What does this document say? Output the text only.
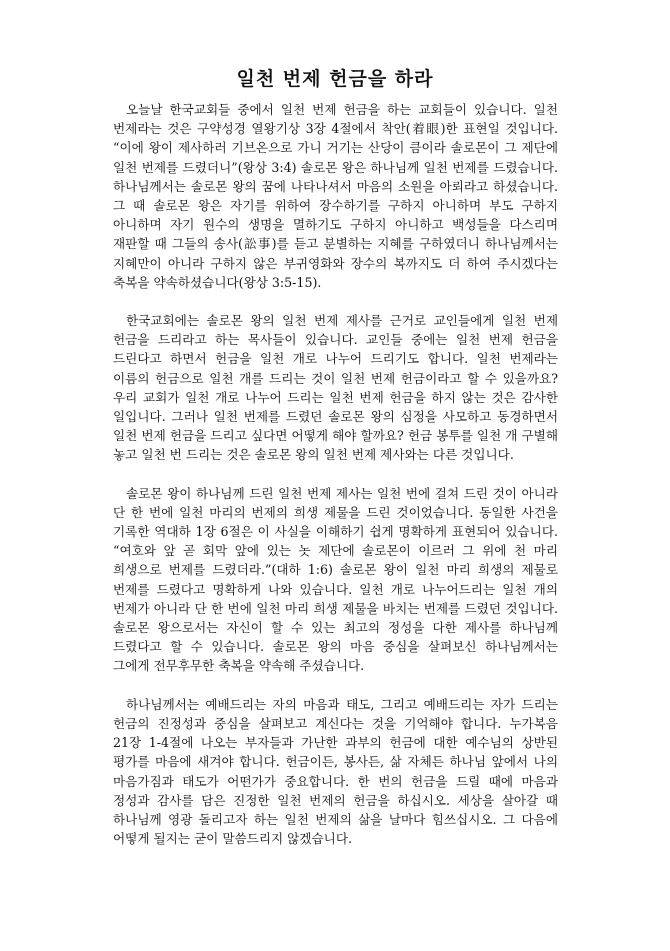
일천 번제 헌금을 하라

오늘날 한국교회들 중에서 일천 번제 헌금을 하는 교회들이 있습니다. 일천 번제라는 것은 구약성경 열왕기상 3장 4절에서 착안(着眼)한 표현일 것입니다. “이에 왕이 제사하러 기브온으로 가니 거기는 산당이 큼이라 솔로몬이 그 제단에 일천 번제를 드렸더니”(왕상 3:4) 솔로몬 왕은 하나님께 일천 번제를 드렸습니다. 하나님께서는 솔로몬 왕의 꿈에 나타나셔서 마음의 소원을 아뢰라고 하셨습니다. 그 때 솔로몬 왕은 자기를 위하여 장수하기를 구하지 아니하며 부도 구하지 아니하며 자기 원수의 생명을 멸하기도 구하지 아니하고 백성들을 다스리며 재판할 때 그들의 송사(訟事)를 듣고 분별하는 지혜를 구하였더니 하나님께서는 지혜만이 아니라 구하지 않은 부귀영화와 장수의 복까지도 더 하여 주시겠다는 축복을 약속하셨습니다(왕상 3:5-15).

한국교회에는 솔로몬 왕의 일천 번제 제사를 근거로 교인들에게 일천 번제 헌금을 드리라고 하는 목사들이 있습니다. 교인들 중에는 일천 번제 헌금을 드린다고 하면서 헌금을 일천 개로 나누어 드리기도 합니다. 일천 번제라는 이름의 헌금으로 일천 개를 드리는 것이 일천 번제 헌금이라고 할 수 있을까요? 우리 교회가 일천 개로 나누어 드리는 일천 번제 헌금을 하지 않는 것은 감사한 일입니다. 그러나 일천 번제를 드렸던 솔로몬 왕의 심정을 사모하고 동경하면서 일천 번제 헌금을 드리고 싶다면 어떻게 해야 할까요? 헌금 봉투를 일천 개 구별해 놓고 일천 번 드리는 것은 솔로몬 왕의 일천 번제 제사와는 다른 것입니다.

솔로몬 왕이 하나님께 드린 일천 번제 제사는 일천 번에 걸쳐 드린 것이 아니라 단 한 번에 일천 마리의 번제의 희생 제물을 드린 것이었습니다. 동일한 사건을 기록한 역대하 1장 6절은 이 사실을 이해하기 쉽게 명확하게 표현되어 있습니다. “여호와 앞 곧 회막 앞에 있는 놋 제단에 솔로몬이 이르러 그 위에 천 마리 희생으로 번제를 드렸더라.”(대하 1:6) 솔로몬 왕이 일천 마리 희생의 제물로 번제를 드렸다고 명확하게 나와 있습니다. 일천 개로 나누어드리는 일천 개의 번제가 아니라 단 한 번에 일천 마리 희생 제물을 바치는 번제를 드렸던 것입니다. 솔로몬 왕으로서는 자신이 할 수 있는 최고의 정성을 다한 제사를 하나님께 드렸다고 할 수 있습니다. 솔로몬 왕의 마음 중심을 살펴보신 하나님께서는 그에게 전무후무한 축복을 약속해 주셨습니다.

하나님께서는 예배드리는 자의 마음과 태도, 그리고 예배드리는 자가 드리는 헌금의 진정성과 중심을 살펴보고 계신다는 것을 기억해야 합니다. 누가복음 21장 1-4절에 나오는 부자들과 가난한 과부의 헌금에 대한 예수님의 상반된 평가를 마음에 새겨야 합니다. 헌금이든, 봉사든, 삶 자체든 하나님 앞에서 나의 마음가짐과 태도가 어떤가가 중요합니다. 한 번의 헌금을 드릴 때에 마음과 정성과 감사를 담은 진정한 일천 번제의 헌금을 하십시오. 세상을 살아갈 때 하나님께 영광 돌리고자 하는 일천 번제의 삶을 날마다 힘쓰십시오. 그 다음에 어떻게 될지는 굳이 말씀드리지 않겠습니다.
